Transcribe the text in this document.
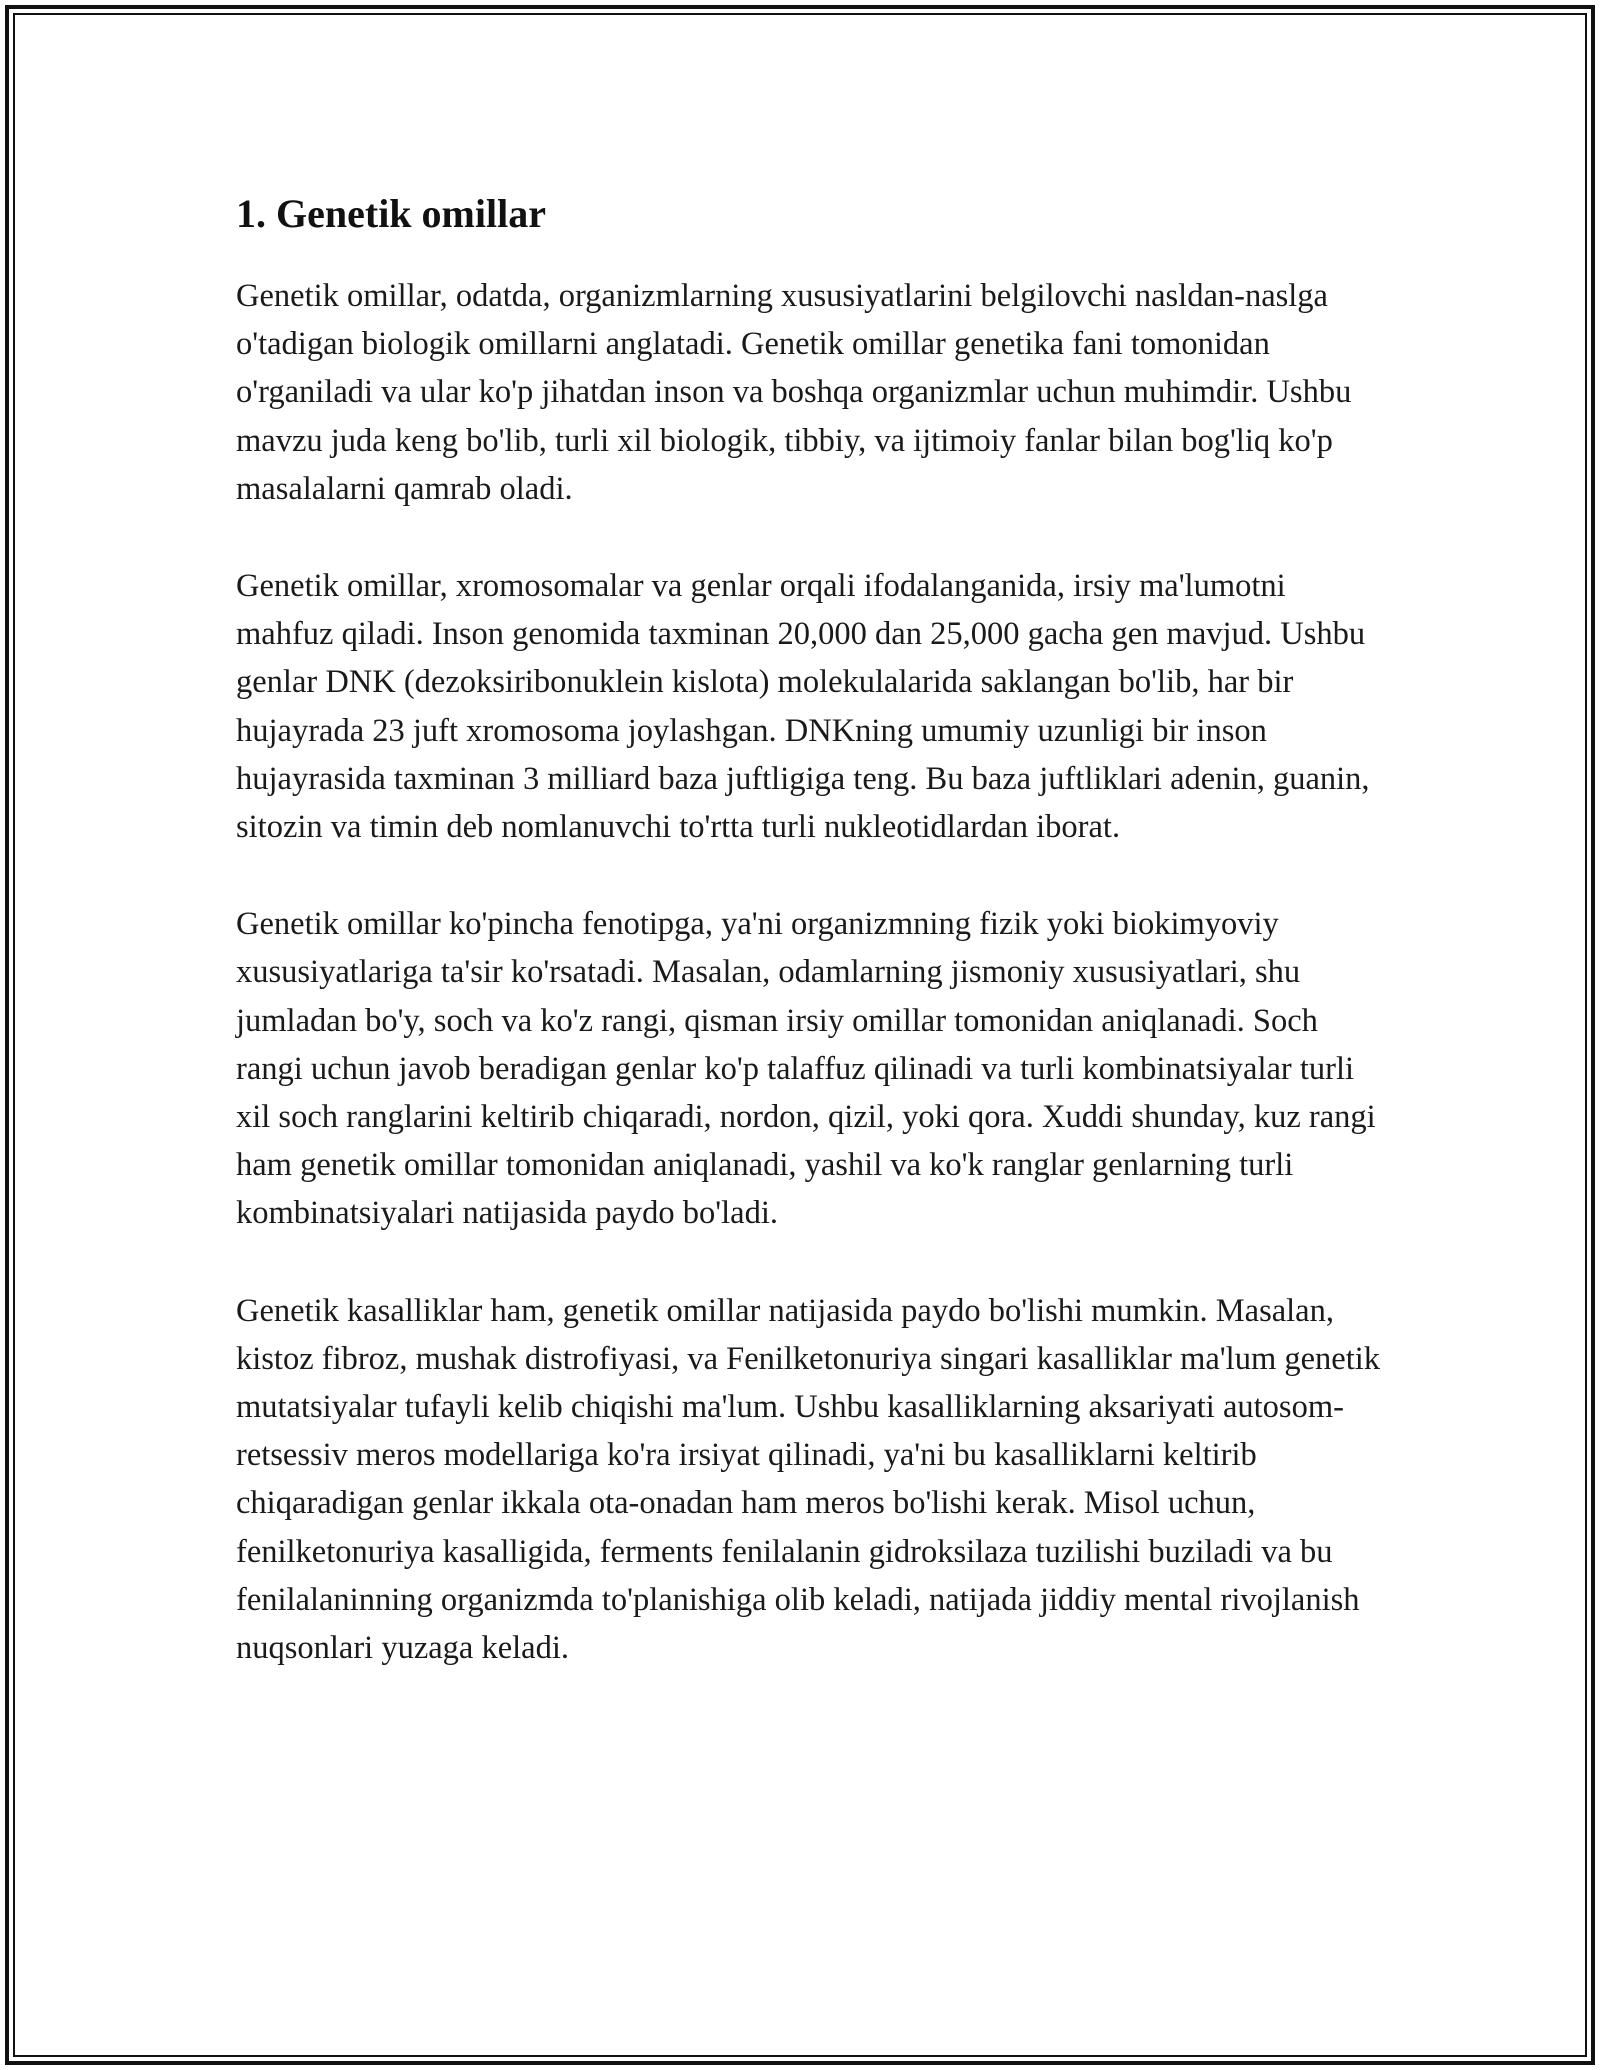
1. Genetik omillar

Genetik omillar, odatda, organizmlarning xususiyatlarini belgilovchi nasldan-naslga o'tadigan biologik omillarni anglatadi. Genetik omillar genetika fani tomonidan o'rganiladi va ular ko'p jihatdan inson va boshqa organizmlar uchun muhimdir. Ushbu mavzu juda keng bo'lib, turli xil biologik, tibbiy, va ijtimoiy fanlar bilan bog'liq ko'p masalalarni qamrab oladi.

Genetik omillar, xromosomalar va genlar orqali ifodalanganida, irsiy ma'lumotni mahfuz qiladi. Inson genomida taxminan 20,000 dan 25,000 gacha gen mavjud. Ushbu genlar DNK (dezoksiribonuklein kislota) molekulalarida saklangan bo'lib, har bir hujayrada 23 juft xromosoma joylashgan. DNKning umumiy uzunligi bir inson hujayrasida taxminan 3 milliard baza juftligiga teng. Bu baza juftliklari adenin, guanin, sitozin va timin deb nomlanuvchi to'rtta turli nukleotidlardan iborat.

Genetik omillar ko'pincha fenotipga, ya'ni organizmning fizik yoki biokimyoviy xususiyatlariga ta'sir ko'rsatadi. Masalan, odamlarning jismoniy xususiyatlari, shu jumladan bo'y, soch va ko'z rangi, qisman irsiy omillar tomonidan aniqlanadi. Soch rangi uchun javob beradigan genlar ko'p talaffuz qilinadi va turli kombinatsiyalar turli xil soch ranglarini keltirib chiqaradi, nordon, qizil, yoki qora. Xuddi shunday, kuz rangi ham genetik omillar tomonidan aniqlanadi, yashil va ko'k ranglar genlarning turli kombinatsiyalari natijasida paydo bo'ladi.

Genetik kasalliklar ham, genetik omillar natijasida paydo bo'lishi mumkin. Masalan, kistoz fibroz, mushak distrofiyasi, va Fenilketonuriya singari kasalliklar ma'lum genetik mutatsiyalar tufayli kelib chiqishi ma'lum. Ushbu kasalliklarning aksariyati autosom-retsessiv meros modellariga ko'ra irsiyat qilinadi, ya'ni bu kasalliklarni keltirib chiqaradigan genlar ikkala ota-onadan ham meros bo'lishi kerak. Misol uchun, fenilketonuriya kasalligida, ferments fenilalanin gidroksilaza tuzilishi buziladi va bu fenilalaninning organizmda to'planishiga olib keladi, natijada jiddiy mental rivojlanish nuqsonlari yuzaga keladi.
